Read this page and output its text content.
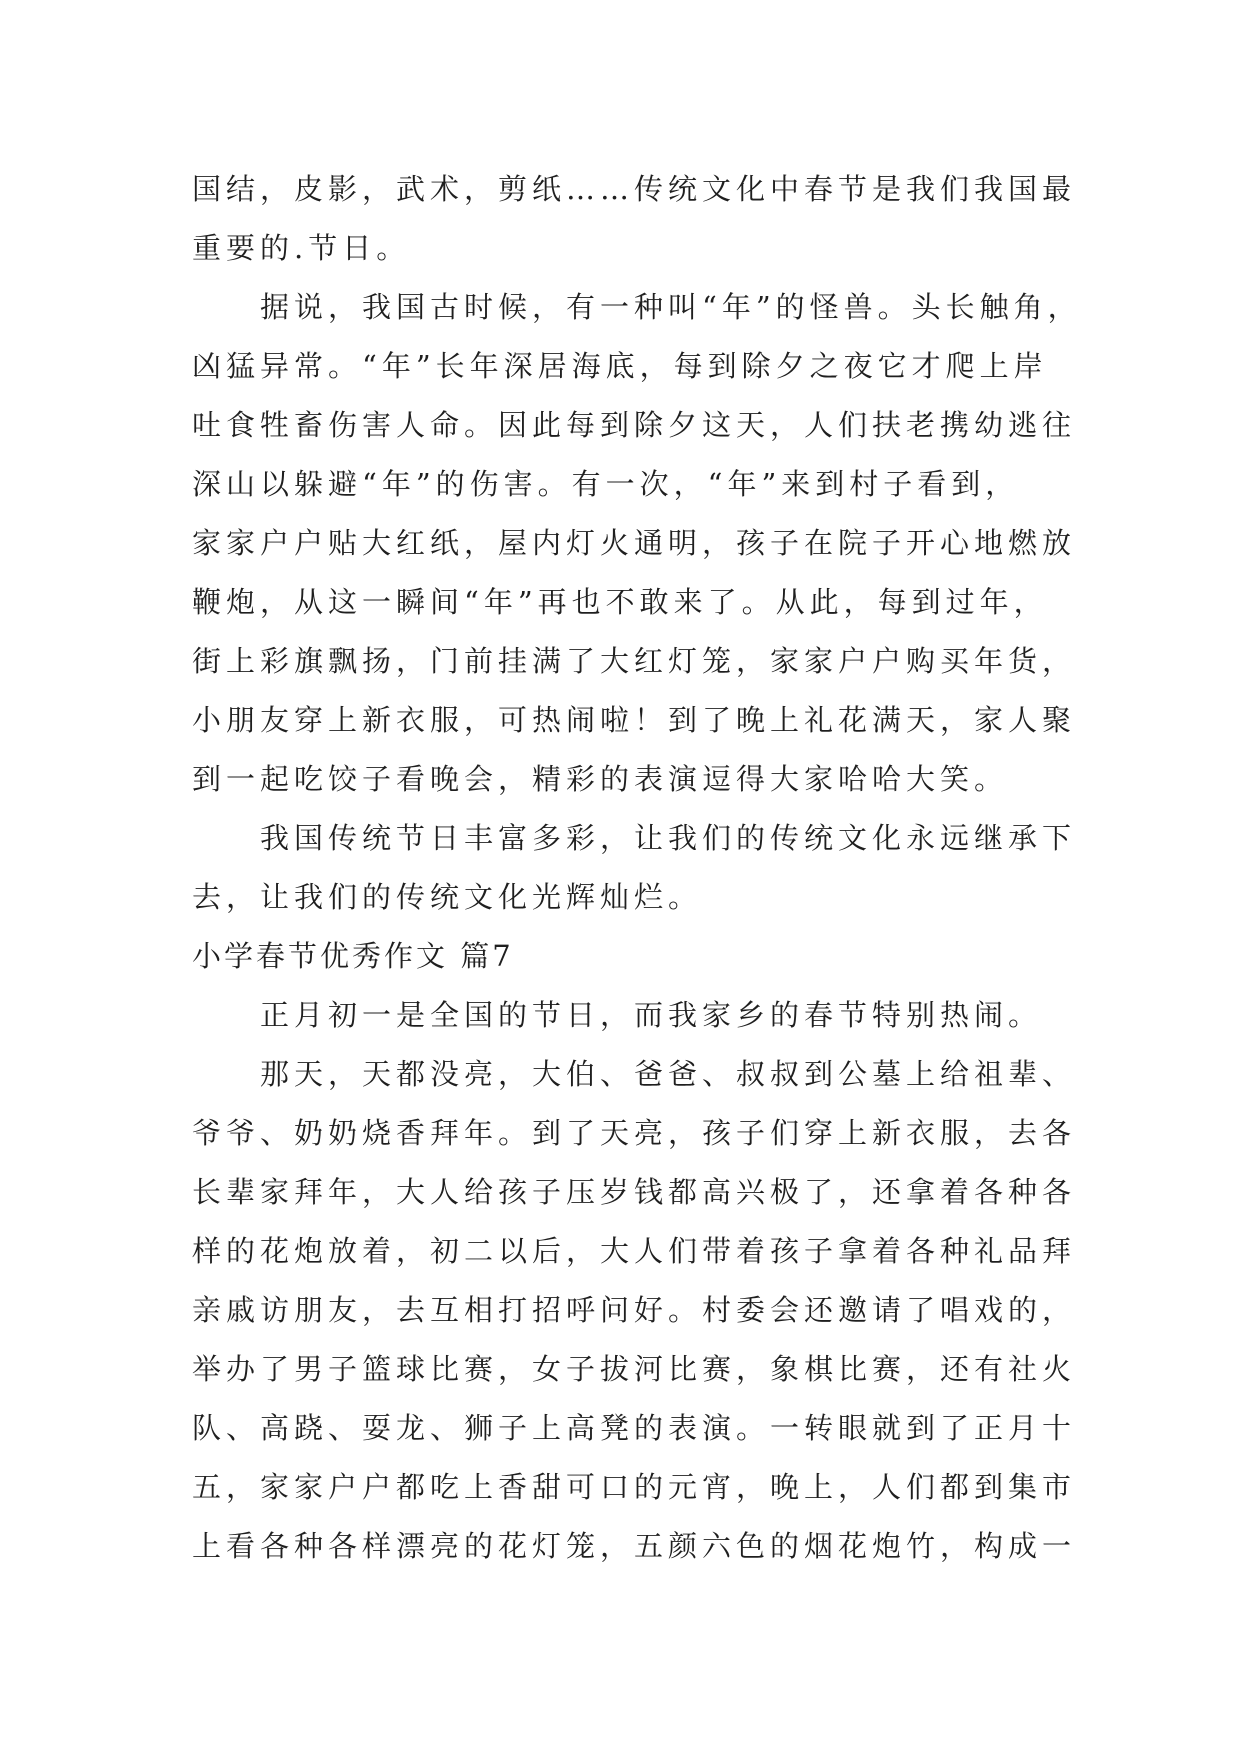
国结，皮影，武术，剪纸……传统文化中春节是我们我国最
重要的.节日。
据说，我国古时候，有一种叫“年”的怪兽。头长触角，
凶猛异常。“年”长年深居海底，每到除夕之夜它才爬上岸
吐食牲畜伤害人命。因此每到除夕这天，人们扶老携幼逃往
深山以躲避“年”的伤害。有一次，“年”来到村子看到，
家家户户贴大红纸，屋内灯火通明，孩子在院子开心地燃放
鞭炮，从这一瞬间“年”再也不敢来了。从此，每到过年，
街上彩旗飘扬，门前挂满了大红灯笼，家家户户购买年货，
小朋友穿上新衣服，可热闹啦！到了晚上礼花满天，家人聚
到一起吃饺子看晚会，精彩的表演逗得大家哈哈大笑。
我国传统节日丰富多彩，让我们的传统文化永远继承下
去，让我们的传统文化光辉灿烂。
小学春节优秀作文 篇7
正月初一是全国的节日，而我家乡的春节特别热闹。
那天，天都没亮，大伯、爸爸、叔叔到公墓上给祖辈、
爷爷、奶奶烧香拜年。到了天亮，孩子们穿上新衣服，去各
长辈家拜年，大人给孩子压岁钱都高兴极了，还拿着各种各
样的花炮放着，初二以后，大人们带着孩子拿着各种礼品拜
亲戚访朋友，去互相打招呼问好。村委会还邀请了唱戏的，
举办了男子篮球比赛，女子拔河比赛，象棋比赛，还有社火
队、高跷、耍龙、狮子上高凳的表演。一转眼就到了正月十
五，家家户户都吃上香甜可口的元宵，晚上，人们都到集市
上看各种各样漂亮的花灯笼，五颜六色的烟花炮竹，构成一
